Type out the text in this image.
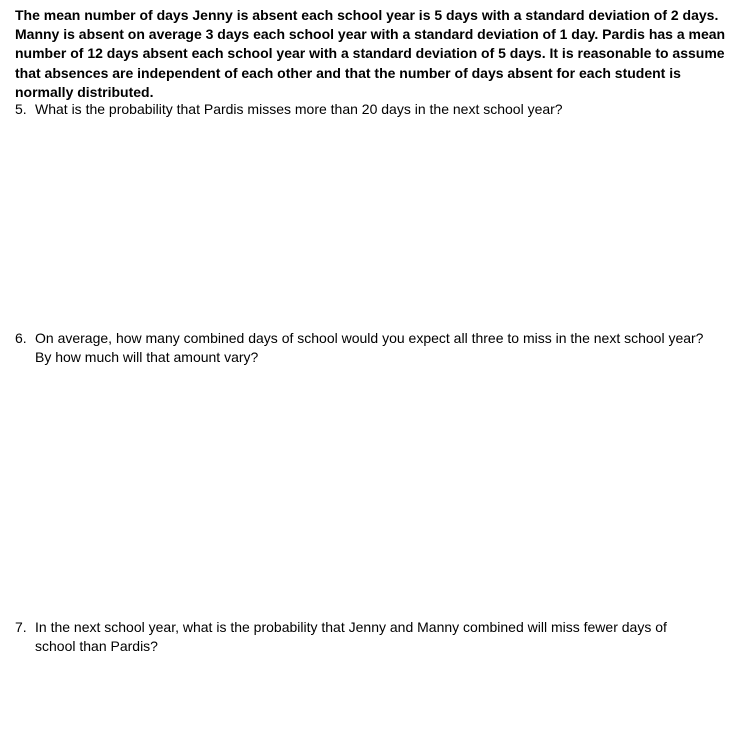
The mean number of days Jenny is absent each school year is 5 days with a standard deviation of 2 days.
Manny is absent on average 3 days each school year with a standard deviation of 1 day. Pardis has a mean
number of 12 days absent each school year with a standard deviation of 5 days. It is reasonable to assume
that absences are independent of each other and that the number of days absent for each student is
normally distributed.

5. What is the probability that Pardis misses more than 20 days in the next school year?

6. On average, how many combined days of school would you expect all three to miss in the next school year?
By how much will that amount vary?

7. In the next school year, what is the probability that Jenny and Manny combined will miss fewer days of
school than Pardis?
